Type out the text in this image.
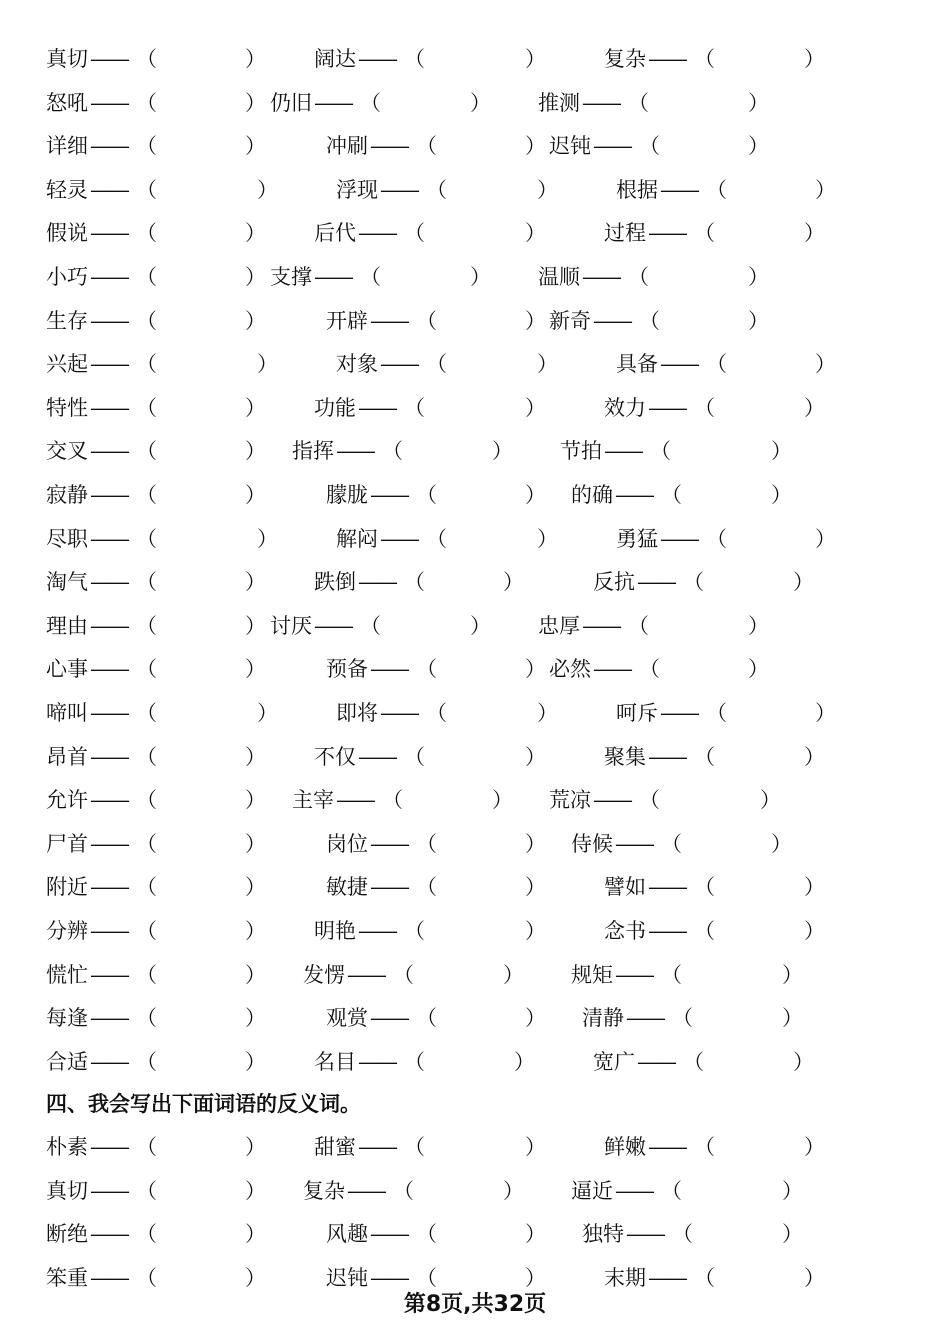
真切 —— （	） 阔达 —— （	）	复杂 —— （	）
怒吼 —— （	） 仍旧 —— （	） 推测 —— （	）
详细 —— （	）	冲刷 —— （	） 迟钝 —— （	）
轻灵 —— （	）	浮现 —— （	）	根据 —— （	）
假说 —— （	） 后代 —— （	）	过程 —— （	）
小巧 —— （	） 支撑 —— （	） 温顺 —— （	）
生存 —— （	）	开辟 —— （	） 新奇 —— （	）
兴起 —— （	）	对象 —— （	）	具备 —— （	）
特性 —— （	） 功能 —— （	）	效力 —— （	）
交叉 —— （	） 指挥 —— （	） 节拍 —— （	）
寂静 —— （	）	朦胧 —— （	） 的确 —— （	）
尽职 —— （	）	解闷 —— （	）	勇猛 —— （	）
淘气 —— （	） 跌倒 —— （	）	反抗 —— （	）
理由 —— （	） 讨厌 —— （	） 忠厚 —— （	）
心事 —— （	）	预备 —— （	） 必然 —— （	）
啼叫 —— （	）	即将 —— （	）	呵斥 —— （	）
昂首 —— （	） 不仅 —— （	）	聚集 —— （	）
允许 —— （	） 主宰 —— （	） 荒凉 —— （	）
尸首 —— （	）	岗位 —— （	） 侍候 —— （	）
附近 —— （	）	敏捷 —— （	）	譬如 —— （	）
分辨 —— （	） 明艳 —— （	）	念书 —— （	）
慌忙 —— （	） 发愣 —— （	） 规矩 —— （	）
每逢 —— （	）	观赏 —— （	） 清静 —— （	）
合适 —— （	） 名目 —— （	）	宽广 —— （	）
四、我会写出下面词语的反义词。
朴素 —— （	） 甜蜜 —— （	）	鲜嫩 —— （	）
真切 —— （	） 复杂 —— （	） 逼近 —— （	）
断绝 —— （	）	风趣 —— （	） 独特 —— （	）
笨重 —— （	）	迟钝 —— （	）	末期 —— （	）
第8页,共32页
